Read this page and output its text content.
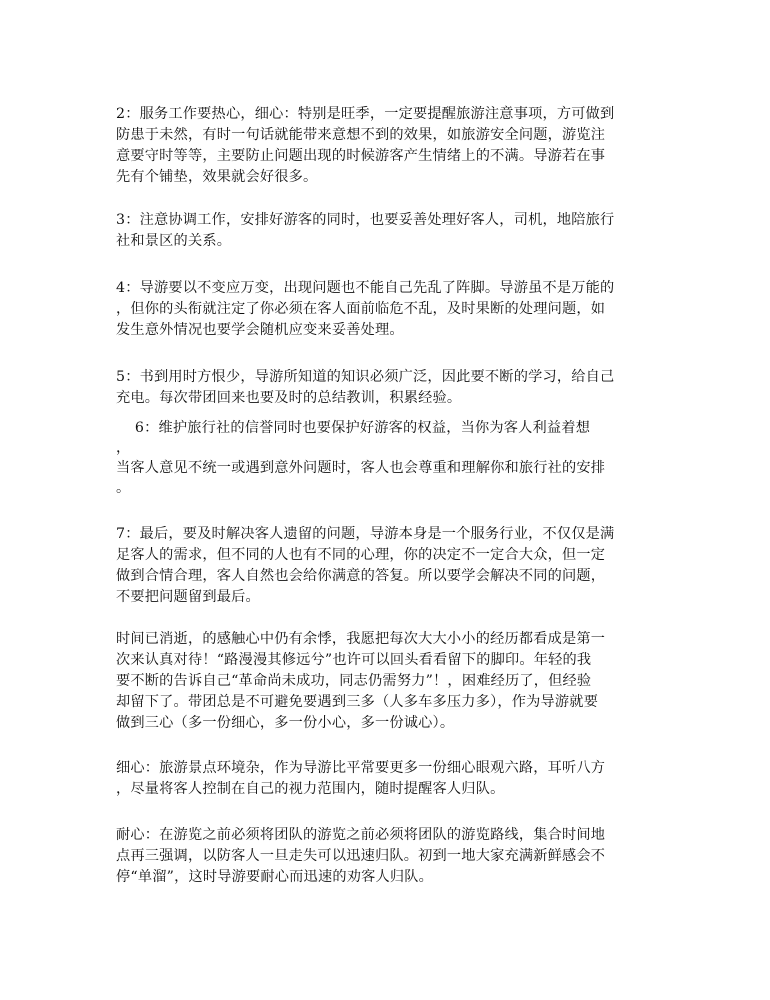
2：服务工作要热心，细心：特别是旺季，一定要提醒旅游注意事项，方可做到
防患于未然，有时一句话就能带来意想不到的效果，如旅游安全问题，游览注
意要守时等等，主要防止问题出现的时候游客产生情绪上的不满。导游若在事
先有个铺垫，效果就会好很多。
3：注意协调工作，安排好游客的同时，也要妥善处理好客人，司机，地陪旅行
社和景区的关系。
4：导游要以不变应万变，出现问题也不能自己先乱了阵脚。导游虽不是万能的
，但你的头衔就注定了你必须在客人面前临危不乱，及时果断的处理问题，如
发生意外情况也要学会随机应变来妥善处理。
5：书到用时方恨少，导游所知道的知识必须广泛，因此要不断的学习，给自己
充电。每次带团回来也要及时的总结教训，积累经验。
6：维护旅行社的信誉同时也要保护好游客的权益，当你为客人利益着想
，
当客人意见不统一或遇到意外问题时，客人也会尊重和理解你和旅行社的安排
。
7：最后，要及时解决客人遗留的问题，导游本身是一个服务行业，不仅仅是满
足客人的需求，但不同的人也有不同的心理，你的决定不一定合大众，但一定
做到合情合理，客人自然也会给你满意的答复。所以要学会解决不同的问题，
不要把问题留到最后。
时间已消逝，的感触心中仍有余悸，我愿把每次大大小小的经历都看成是第一
次来认真对待！“路漫漫其修远兮”也许可以回头看看留下的脚印。年轻的我
要不断的告诉自己“革命尚未成功，同志仍需努力”！，困难经历了，但经验
却留下了。带团总是不可避免要遇到三多（人多车多压力多），作为导游就要
做到三心（多一份细心，多一份小心，多一份诚心）。
细心：旅游景点环境杂，作为导游比平常要更多一份细心眼观六路，耳听八方
，尽量将客人控制在自己的视力范围内，随时提醒客人归队。
耐心：在游览之前必须将团队的游览之前必须将团队的游览路线，集合时间地
点再三强调，以防客人一旦走失可以迅速归队。初到一地大家充满新鲜感会不
停“单溜”，这时导游要耐心而迅速的劝客人归队。
